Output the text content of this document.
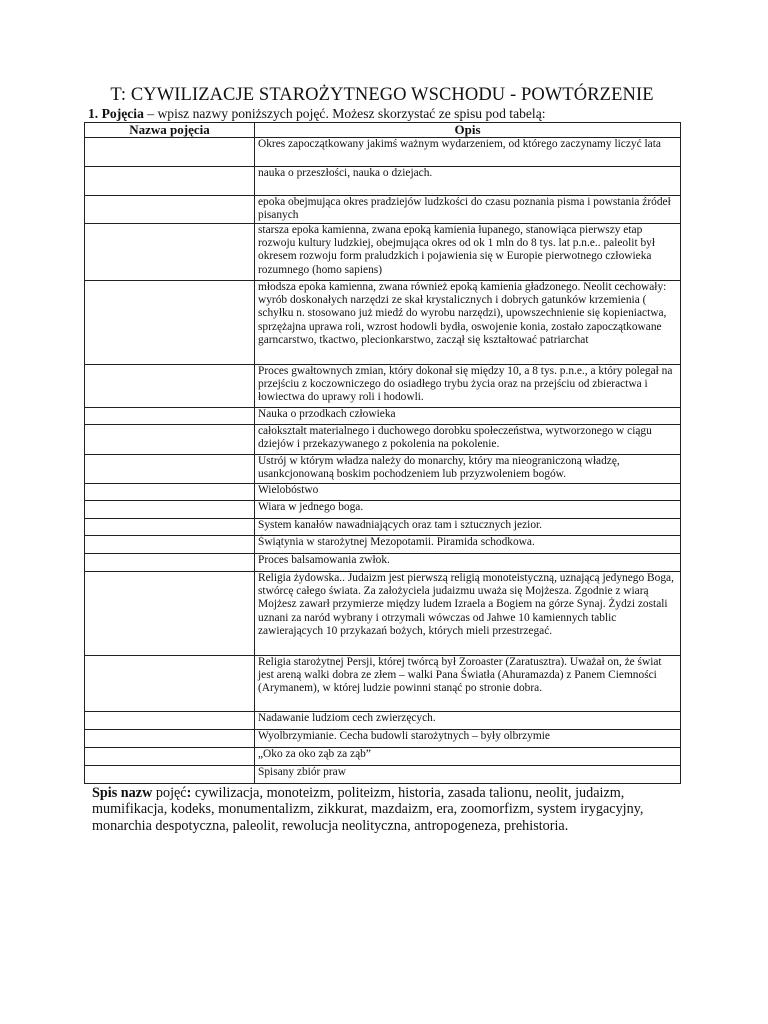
T: CYWILIZACJE STAROŻYTNEGO WSCHODU - POWTÓRZENIE

1. Pojęcia – wpisz nazwy poniższych pojęć. Możesz skorzystać ze spisu pod tabelą:

Nazwa pojęcia	Opis
	Okres zapoczątkowany jakimś ważnym wydarzeniem, od którego zaczynamy liczyć lata
	nauka o przeszłości, nauka o dziejach.
	epoka obejmująca okres pradziejów ludzkości do czasu poznania pisma i powstania źródeł pisanych
	starsza epoka kamienna, zwana epoką kamienia łupanego, stanowiąca pierwszy etap rozwoju kultury ludzkiej, obejmująca okres od ok 1 mln do 8 tys. lat p.n.e.. paleolit był okresem rozwoju form praludzkich i pojawienia się w Europie pierwotnego człowieka rozumnego (homo sapiens)
	młodsza epoka kamienna, zwana również epoką kamienia gładzonego. Neolit cechowały: wyrób doskonałych narzędzi ze skał krystalicznych i dobrych gatunków krzemienia ( schyłku n. stosowano już miedź do wyrobu narzędzi), upowszechnienie się kopieniactwa, sprzężajna uprawa roli, wzrost hodowli bydła, oswojenie konia, zostało zapoczątkowane garncarstwo, tkactwo, plecionkarstwo, zaczął się kształtować patriarchat
	Proces gwałtownych zmian, który dokonał się między 10, a 8 tys. p.n.e., a który polegał na przejściu z koczowniczego do osiadłego trybu życia oraz na przejściu od zbieractwa i łowiectwa do uprawy roli i hodowli.
	Nauka o przodkach człowieka
	całokształt materialnego i duchowego dorobku społeczeństwa, wytworzonego w ciągu dziejów i przekazywanego z pokolenia na pokolenie.
	Ustrój w którym władza należy do monarchy, który ma nieograniczoną władzę, usankcjonowaną boskim pochodzeniem lub przyzwoleniem bogów.
	Wielobóstwo
	Wiara w jednego boga.
	System kanałów nawadniających oraz tam i sztucznych jezior.
	Świątynia w starożytnej Mezopotamii. Piramida schodkowa.
	Proces balsamowania zwłok.
	Religia żydowska.. Judaizm jest pierwszą religią monoteistyczną, uznającą jedynego Boga, stwórcę całego świata. Za założyciela judaizmu uważa się Mojżesza. Zgodnie z wiarą Mojżesz zawarł przymierze między ludem Izraela a Bogiem na górze Synaj. Żydzi zostali uznani za naród wybrany i otrzymali wówczas od Jahwe 10 kamiennych tablic zawierających 10 przykazań bożych, których mieli przestrzegać.
	Religia starożytnej Persji, której twórcą był Zoroaster (Zaratusztra). Uważał on, że świat jest areną walki dobra ze złem – walki Pana Światła (Ahuramazda) z Panem Ciemności (Arymanem), w której ludzie powinni stanąć po stronie dobra.
	Nadawanie ludziom cech zwierzęcych.
	Wyolbrzymianie. Cecha budowli starożytnych – były olbrzymie
	„Oko za oko ząb za ząb”
	Spisany zbiór praw

Spis nazw pojęć: cywilizacja, monoteizm, politeizm, historia, zasada talionu, neolit, judaizm, mumifikacja, kodeks, monumentalizm, zikkurat, mazdaizm, era, zoomorfizm, system irygacyjny, monarchia despotyczna, paleolit, rewolucja neolityczna, antropogeneza, prehistoria.
